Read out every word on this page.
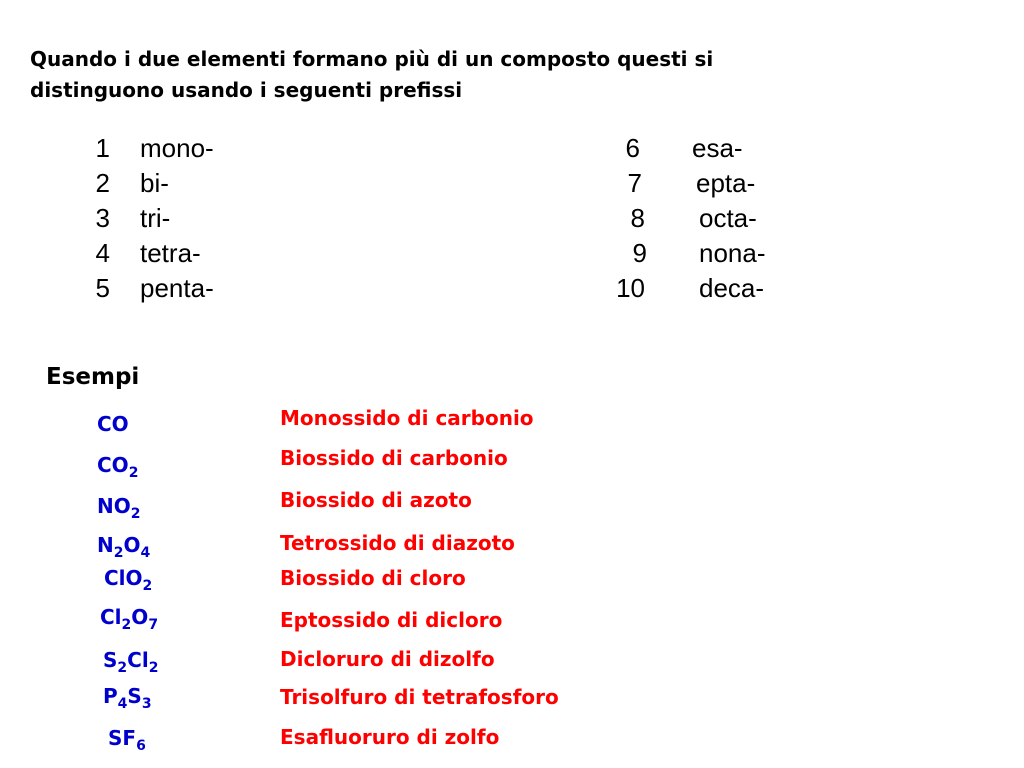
Quando i due elementi formano più di un composto questi si
distinguono usando i seguenti prefissi

1 mono-
2 bi-
3 tri-
4 tetra-
5 penta-
6 esa-
7 epta-
8 octa-
9 nona-
10 deca-
Esempi
CO
$CO_2$
$NO_2$
$N_2O_4$
ClO$_2$
$Cl_2O_7$
$S_2Cl_2$
$P_4S_3$
$SF_6$
Monossido di carbonio
Biossido di carbonio
Biossido di azoto
Tetrossido di diazoto
Biossido di cloro
Eptossido di dicloro
Dicloruro di dizolfo
Trisolfuro di tetrafosforo
Esafluoruro di zolfo
